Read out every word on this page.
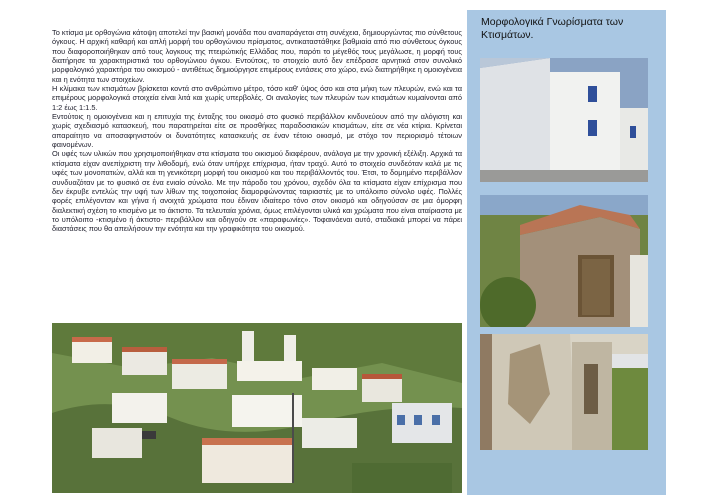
Το κτίσμα με ορθογώνια κάτοψη αποτελεί την βασική μονάδα που αναπαράγεται στη συνέχεια, δημιουργώντας πιο σύνθετους όγκους. Η αρχική καθαρή και απλή μορφή του ορθογώνιου πρίσματος, αντικαταστάθηκε βαθμιαία από πιο σύνθετους όγκους που διαφοροποιήθηκαν από τους λογκους της πτειρώτικής Ελλάδας που, παρότι το μέγεθός τους μεγάλωσε, η μορφή τους διατήρησε τα χαρακτηριστικά του ορθογώνιου όγκου. Εντούτοις, το στοιχείο αυτό δεν επέδρασε αρνητικά στον συνολικό μορφολογικό χαρακτήρα του οικισμού - αντιθέτως δημιούργησε επιμέρους εντάσεις στο χώρο, ενώ διατηρήθηκε η ομοιογένεια και η ενότητα των στοιχείων.

Η κλίμακα των κτισμάτων βρίσκεται κοντά στο ανθρώπινο μέτρο, τόσο καθ' ύψος όσο και στα μήκη των πλευρών, ενώ και τα επιμέρους μορφολογικά στοιχεία είναι λιτά και χωρίς υπερβολές. Οι αναλογίες των πλευρών των κτισμάτων κυμαίνονται από 1:2 έως 1:1.5.

Εντούτοις η ομοιογένεια και η επιτυχία της ένταξης του οικισμό στο φυσικό περιβάλλον κινδυνεύουν από την αλόγιστη και χωρίς σχεδιασμό κατασκευή, που παρατηρείται είτε σε προσθήκες παραδοσιακών κτισμάτων, είτε σε νέα κτίρια. Κρίνεται απαραίτητο να αποσαφηνιστούν οι δυνατότητες κατασκευής σε έναν τέτοιο οικισμό, με στόχο τον περιορισμό τέτοιων φαινομένων.

Οι υφές των υλικών που χρησιμοποιήθηκαν στα κτίσματα του οικισμού διαφέρουν, ανάλογα με την χρονική εξέλιξη. Αρχικά τα κτίσματα είχαν ανεπίχριστη την λιθοδομή, ενώ όταν υπήρχε επίχρισμα, ήταν τραχύ. Αυτό το στοιχείο συνδεόταν καλά με τις υφές των μονοπατιών, αλλά και τη γενικότερη μορφή του οικισμού και του περιβάλλοντός του. Έτσι, το δομημένο περιβάλλον συνδυαζόταν με το φυσικό σε ένα ενιαίο σύνολο. Με την πάροδο του χρόνου, σχεδόν όλα τα κτίσματα είχαν επίχρισμα που δεν έκρυβε εντελώς την υφή των λίθων της τοιχοποιίας διαμορφώνοντας ταιριαστές με το υπόλοιπο σύνολο υφές. Πολλές φορές επιλέγονταν και γήινα ή ανοιχτά χρώματα που έδιναν ιδιαίτερο τόνο στον οικισμό και οδηγούσαν σε μια όμορφη διαλεκτική σχέση το κτισμένο με το άκτιστο. Τα τελευταία χρόνια, όμως επιλέγονται υλικά και χρώματα που είναι αταίριαστα με το υπόλοιπο -κτισμένο ή άκτιστο- περιβάλλον και οδηγούν σε «παραφωνίες». Τοφαινόεναι αυτό, σταδιακά μπορεί να πάρει διαστάσεις που θα απειλήσουν την ενότητα και την γραφικότητα του οικισμού.

Μορφολογικά Γνωρίσματα των Κτισμάτων.
